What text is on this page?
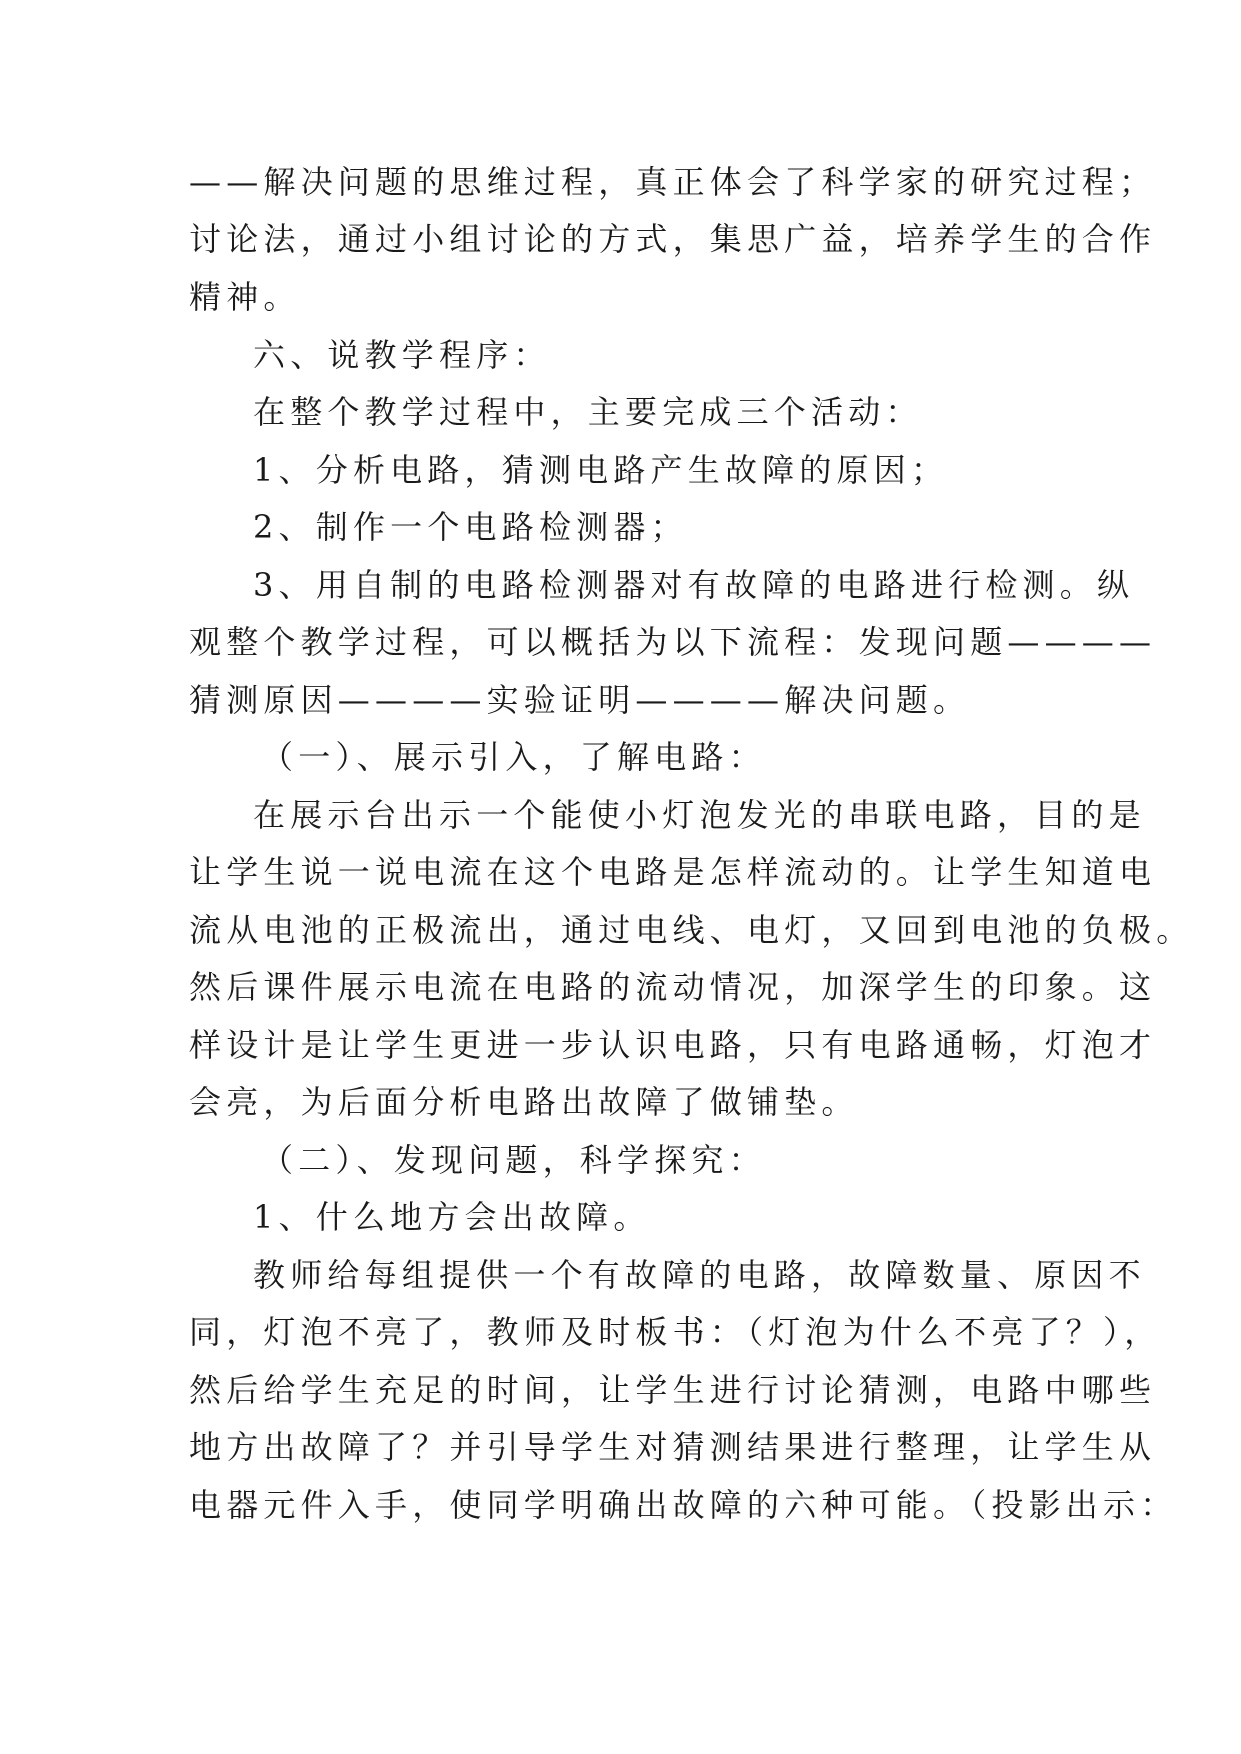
——解决问题的思维过程，真正体会了科学家的研究过程；
讨论法，通过小组讨论的方式，集思广益，培养学生的合作
精神。
六、说教学程序：
在整个教学过程中，主要完成三个活动：
1、分析电路，猜测电路产生故障的原因；
2、制作一个电路检测器；
3、用自制的电路检测器对有故障的电路进行检测。纵
观整个教学过程，可以概括为以下流程：发现问题————
猜测原因————实验证明————解决问题。
（一）、展示引入，了解电路：
在展示台出示一个能使小灯泡发光的串联电路，目的是
让学生说一说电流在这个电路是怎样流动的。让学生知道电
流从电池的正极流出，通过电线、电灯，又回到电池的负极。
然后课件展示电流在电路的流动情况，加深学生的印象。这
样设计是让学生更进一步认识电路，只有电路通畅，灯泡才
会亮，为后面分析电路出故障了做铺垫。
（二）、发现问题，科学探究：
1、什么地方会出故障。
教师给每组提供一个有故障的电路，故障数量、原因不
同，灯泡不亮了，教师及时板书：（灯泡为什么不亮了？），
然后给学生充足的时间，让学生进行讨论猜测，电路中哪些
地方出故障了？并引导学生对猜测结果进行整理，让学生从
电器元件入手，使同学明确出故障的六种可能。（投影出示：
